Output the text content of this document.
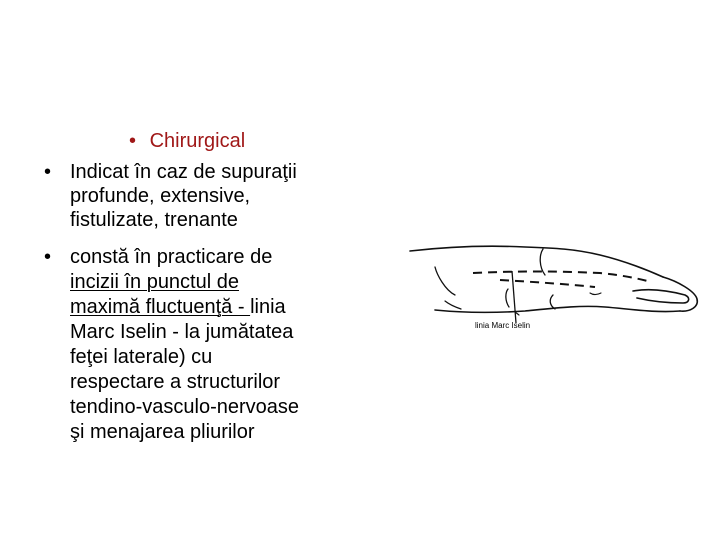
• Chirurgical
• Indicat în caz de supuraţii
profunde, extensive,
fistulizate, trenante
• constă în practicare de
incizii în punctul de
maximă fluctuenţă - linia
Marc Iselin - la jumătatea
feţei laterale) cu
respectare a structurilor
tendino-vasculo-nervoase
şi menajarea pliurilor
linia Marc Iselin
